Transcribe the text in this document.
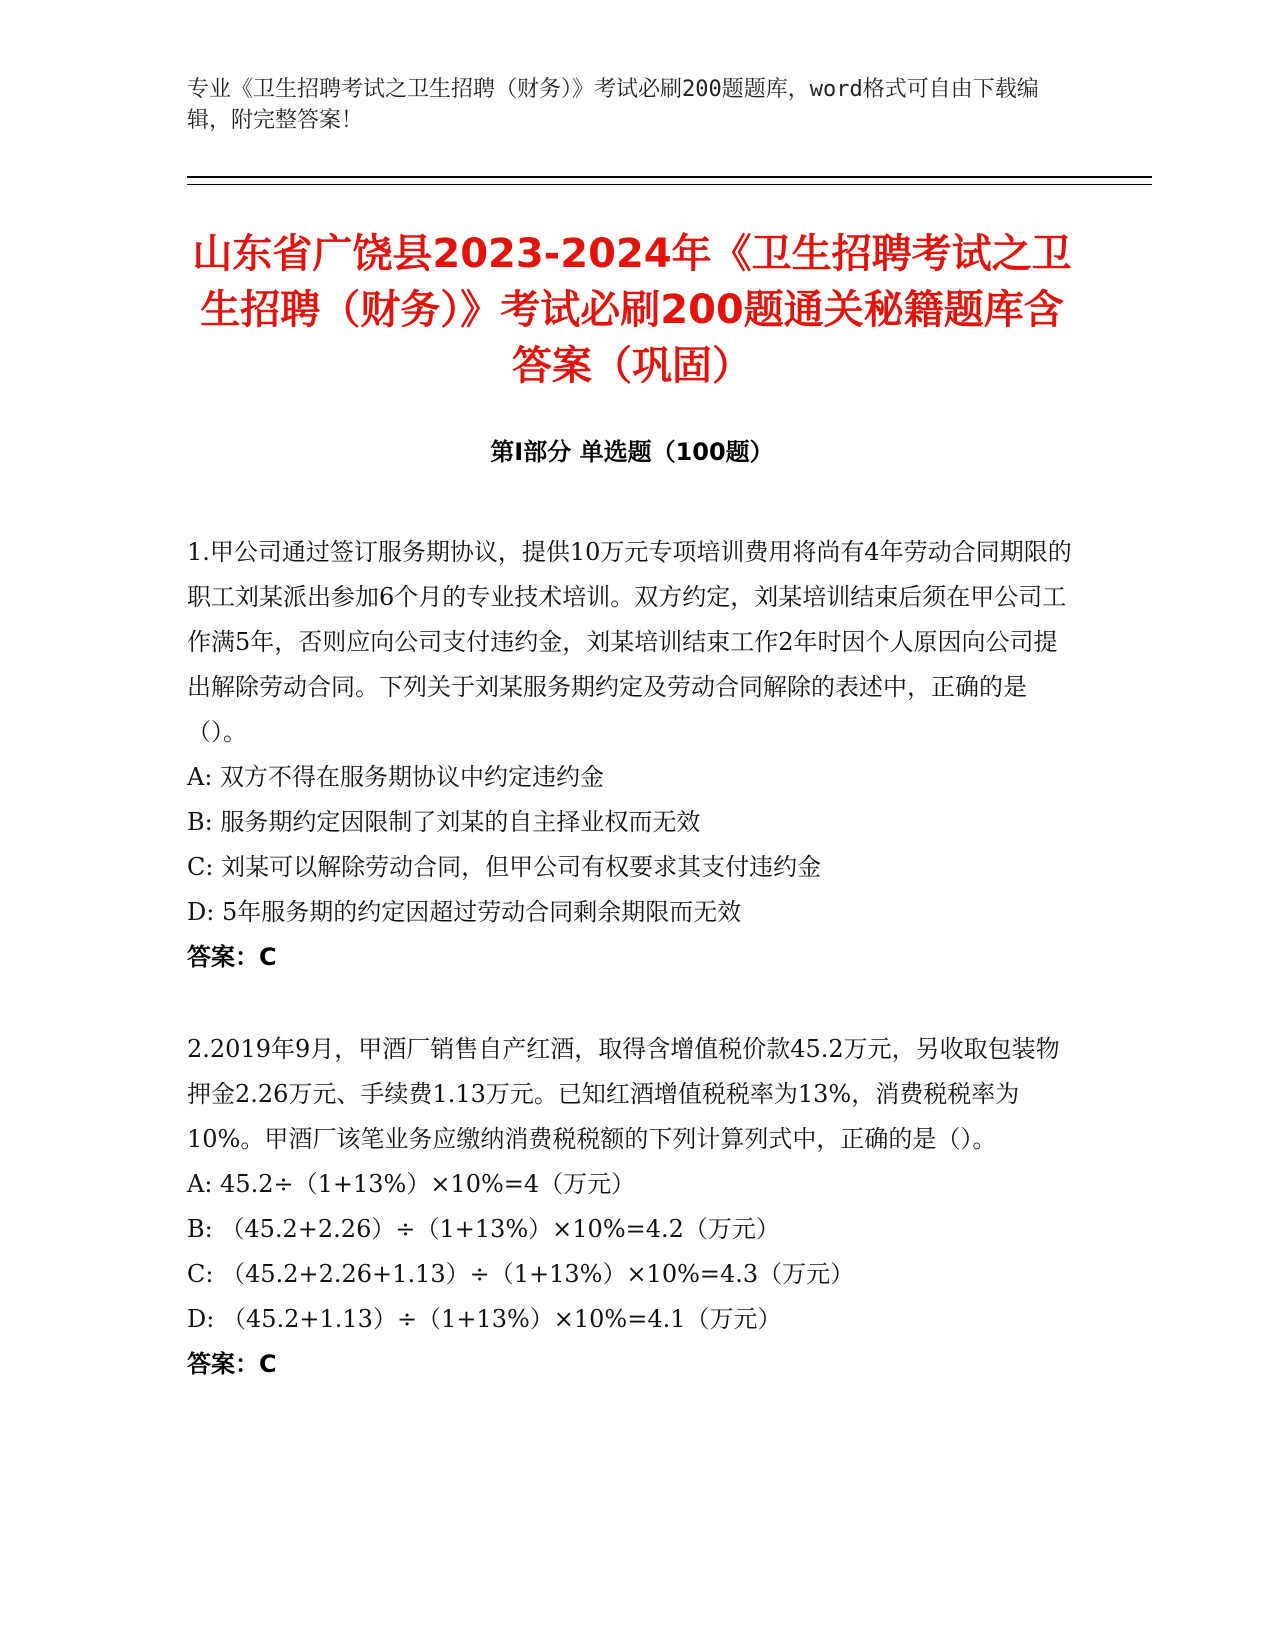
专业《卫生招聘考试之卫生招聘（财务）》考试必刷200题题库，word格式可自由下载编辑，附完整答案！

山东省广饶县2023-2024年《卫生招聘考试之卫生招聘（财务）》考试必刷200题通关秘籍题库含答案（巩固）
第Ⅰ部分 单选题（100题）

1.甲公司通过签订服务期协议，提供10万元专项培训费用将尚有4年劳动合同期限的职工刘某派出参加6个月的专业技术培训。双方约定，刘某培训结束后须在甲公司工作满5年，否则应向公司支付违约金，刘某培训结束工作2年时因个人原因向公司提出解除劳动合同。下列关于刘某服务期约定及劳动合同解除的表述中，正确的是（）。

A: 双方不得在服务期协议中约定违约金

B: 服务期约定因限制了刘某的自主择业权而无效

C: 刘某可以解除劳动合同，但甲公司有权要求其支付违约金

D: 5年服务期的约定因超过劳动合同剩余期限而无效

答案：C

2.2019年9月，甲酒厂销售自产红酒，取得含增值税价款45.2万元，另收取包装物押金2.26万元、手续费1.13万元。已知红酒增值税税率为13%，消费税税率为10%。甲酒厂该笔业务应缴纳消费税税额的下列计算列式中，正确的是（）。

A: 45.2÷（1+13%）×10%=4（万元）

B: （45.2+2.26）÷（1+13%）×10%=4.2（万元）

C: （45.2+2.26+1.13）÷（1+13%）×10%=4.3（万元）

D: （45.2+1.13）÷（1+13%）×10%=4.1（万元）

答案：C
